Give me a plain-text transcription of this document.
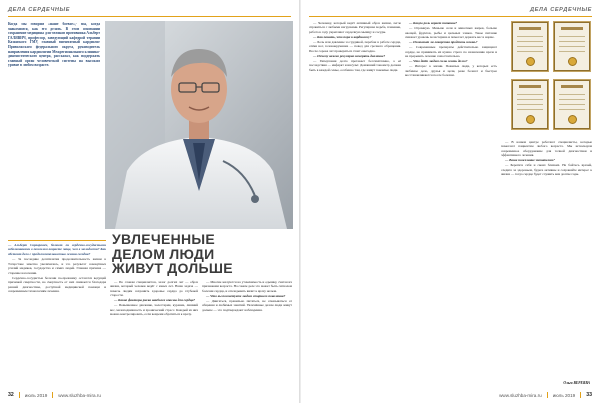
ДЕЛА СЕРДЕЧНЫЕ
Когда мы говорим «наше боевое»,- мы, когда знакомимся, как его делать. В этом основании сохранение медицины для челиков противника Альберт ГАЛЯВИЧ, профессор, заведующий кафедрой терапии Казанского ГМУ, главный внештатный кардиолог Приволжского федерального округа, руководитель направления кардиологии Межрегионального клинико-диагностического центра, рассказал, как поддержать главный орган человеческой системы на высоком уровне в любом возрасте.
УВЛЕЧЕННЫЕ
ДЕЛОМ ЛЮДИ
ЖИВУТ ДОЛЬШЕ
— Альберт Сарварович, болеют ли сердечно-сосудистыми заболеваниями в пожилом возрасте чаще, чем в молодости? Как обстоит дело с продолжительностью жизни сегодня?

— За последние десятилетия продолжительность жизни в Татарстане заметно увеличилась, и это результат совокупных усилий медиков, государства и самих людей. Главная причина — старение населения.

Сердечно-сосудистые болезни по-прежнему остаются ведущей причиной смертности, но смертность от них снижается благодаря ранней диагностике, доступной медицинской помощи и современным технологиям лечения.

— По словам специалистов, залог долгих лет — образ жизни, который человек ведёт с юных лет. Наша задача — помочь людям сохранить здоровье сердца до глубокой старости.

— Какие факторы риска наиболее опасны для сердца?

— Повышенное давление, холестерин, курение, лишний вес, малоподвижность и хронический стресс. Каждый из них можно контролировать, если вовремя обратиться к врачу.

— Многие жалуются на утомляемость и одышку, считая их признаками возраста. На самом деле это может быть сигналом болезни сердца, и откладывать визит к врачу нельзя.

— Что вы посоветуете людям старшего поколения?

— Двигаться, правильно питаться, не отказываться от общения и любимых занятий. Увлечённые делом люди живут дольше — это подтверждают наблюдения.

32 июль 2019 www.sluzhba-mira.ru
ДЕЛА СЕРДЕЧНЫЕ

— Человеку, который ведёт активный образ жизни, легче справиться с любыми нагрузками. Регулярная ходьба, плавание, работа в саду укрепляют сердечную мышцу и сосуды.

— Как понять, что пора к кардиологу?

— Боль или давление за грудиной, перебои в работе сердца, отёки ног, головокружение — повод для срочного обращения. После сорока лет проверяться стоит ежегодно.

— Почему важно регулярно измерять давление?

— Гипертония долго протекает бессимптомно, а её последствия — инфаркт и инсульт. Домашний тонометр должен быть в каждой семье, особенно там, где живут пожилые люди.

— Какую роль играет питание?

— Огромную. Меньше соли и животных жиров, больше овощей, фруктов, рыбы и цельных злаков. Такое питание снижает уровень холестерина и помогает держать вес в норме.

— Помогают ли лекарства продлить жизнь?

— Современные препараты действительно защищают сердце, но принимать их нужно строго по назначению врача и не прерывать лечение самостоятельно.

— Что даёт людям силы жить долго?

— Интерес к жизни. Пожилые люди, у которых есть любимое дело, друзья и цели, реже болеют и быстрее восстанавливаются после болезни.

— В нашем центре работают специалисты, которые помогают пациентам любого возраста. Мы используем современное оборудование для точной диагностики и эффективного лечения.

— Ваше пожелание читателям?

— Берегите себя и своих близких. Не бойтесь врачей, следите за здоровьем, будьте активны и сохраняйте интерес к жизни — тогда сердце будет служить вам долгие годы.

Ольга ВЕРЕЯВА
www.sluzhba-mira.ru июль 2019 33
